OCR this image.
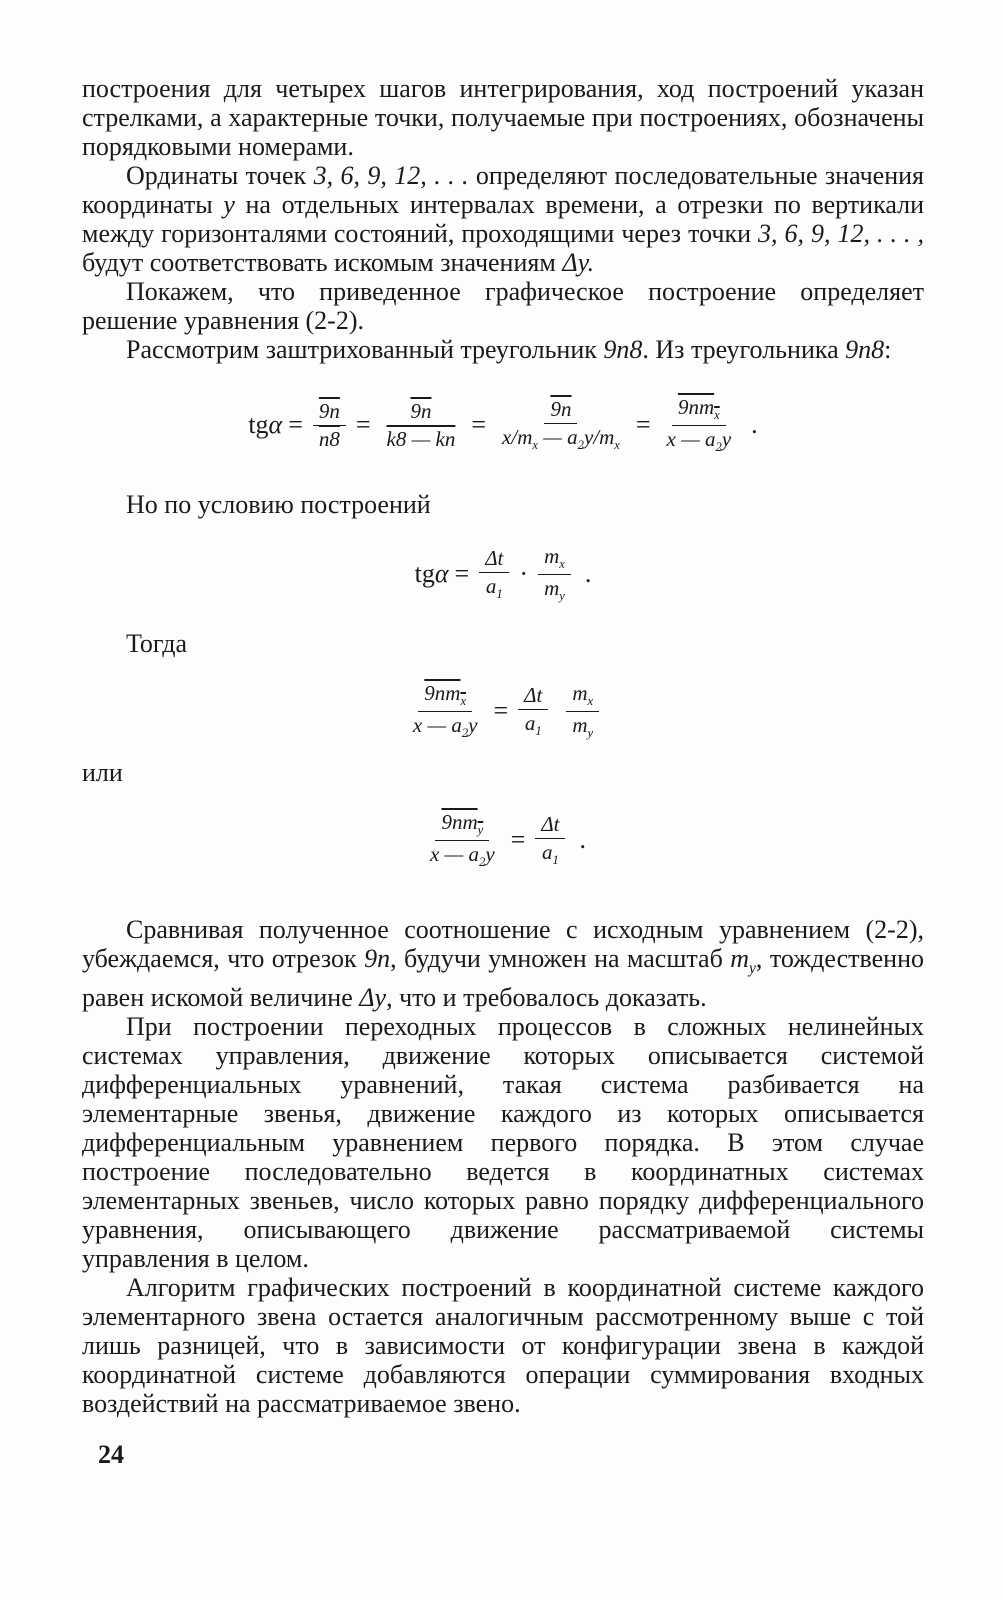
построения для четырех шагов интегрирования, ход построений указан стрелками, а характерные точки, получаемые при построениях, обозначены порядковыми номерами.

Ординаты точек 3, 6, 9, 12, . . . определяют последовательные значения координаты y на отдельных интервалах времени, а отрезки по вертикали между горизонталями состояний, проходящими через точки 3, 6, 9, 12, . . . , будут соответствовать искомым значениям Δy.

Покажем, что приведенное графическое построение определяет решение уравнения (2-2).

Рассмотрим заштрихованный треугольник 9n8. Из треугольника 9n8:

tg $\alpha = \frac{9n}{n8} = \frac{9n}{k8 — kn} = \frac{9n}{x/m_x — a_2y/m_x} = \frac{9nm_x}{x — a_2y}$ .

Но по условию построений

tg $\alpha = \frac{\Delta t}{a_1} \cdot \frac{m_x}{m_y}$ .

Тогда

$\frac{9nm_x}{x — a_2y} = \frac{\Delta t}{a_1} \frac{m_x}{m_y}$

или

$\frac{9nm_y}{x — a_2y} = \frac{\Delta t}{a_1}$ .

Сравнивая полученное соотношение с исходным уравнением (2-2), убеждаемся, что отрезок 9n, будучи умножен на масштаб $m_y$, тождественно равен искомой величине Δy, что и требовалось доказать.

При построении переходных процессов в сложных нелинейных системах управления, движение которых описывается системой дифференциальных уравнений, такая система разбивается на элементарные звенья, движение каждого из которых описывается дифференциальным уравнением первого порядка. В этом случае построение последовательно ведется в координатных системах элементарных звеньев, число которых равно порядку дифференциального уравнения, описывающего движение рассматриваемой системы управления в целом.

Алгоритм графических построений в координатной системе каждого элементарного звена остается аналогичным рассмотренному выше с той лишь разницей, что в зависимости от конфигурации звена в каждой координатной системе добавляются операции суммирования входных воздействий на рассматриваемое звено.

24
